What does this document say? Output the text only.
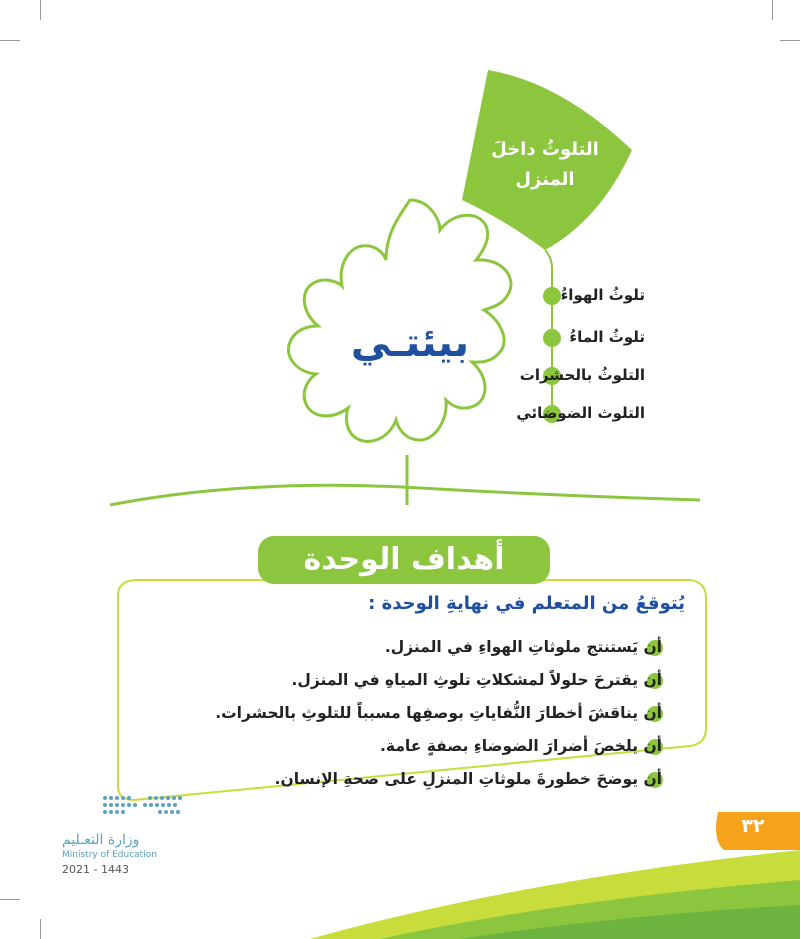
التلوثُ داخلَ
المنزل
بيئتـي
تلوثُ الهواءُ
تلوثُ الماءُ
التلوثُ بالحشرات
التلوث الضوضائي
أهداف الوحدة
يُتوقعُ من المتعلم في نهايةِ الوحدة :
أن يَستنتج ملوثاتِ الهواءِ في المنزل.
أن يقترحَ حلولاً لمشكلاتِ تلوثِ المياهِ في المنزل.
أن يناقشَ أخطارَ النُّفاياتِ بوصفِها مسبباً للتلوثِ بالحشرات.
أن يلخصَ أضرارَ الضوضاءِ بصفةٍ عامة.
أن يوضحَ خطورةَ ملوثاتِ المنزلِ على صحةِ الإنسان.
٣٢
وزارة التعـليم
Ministry of Education
2021 - 1443
